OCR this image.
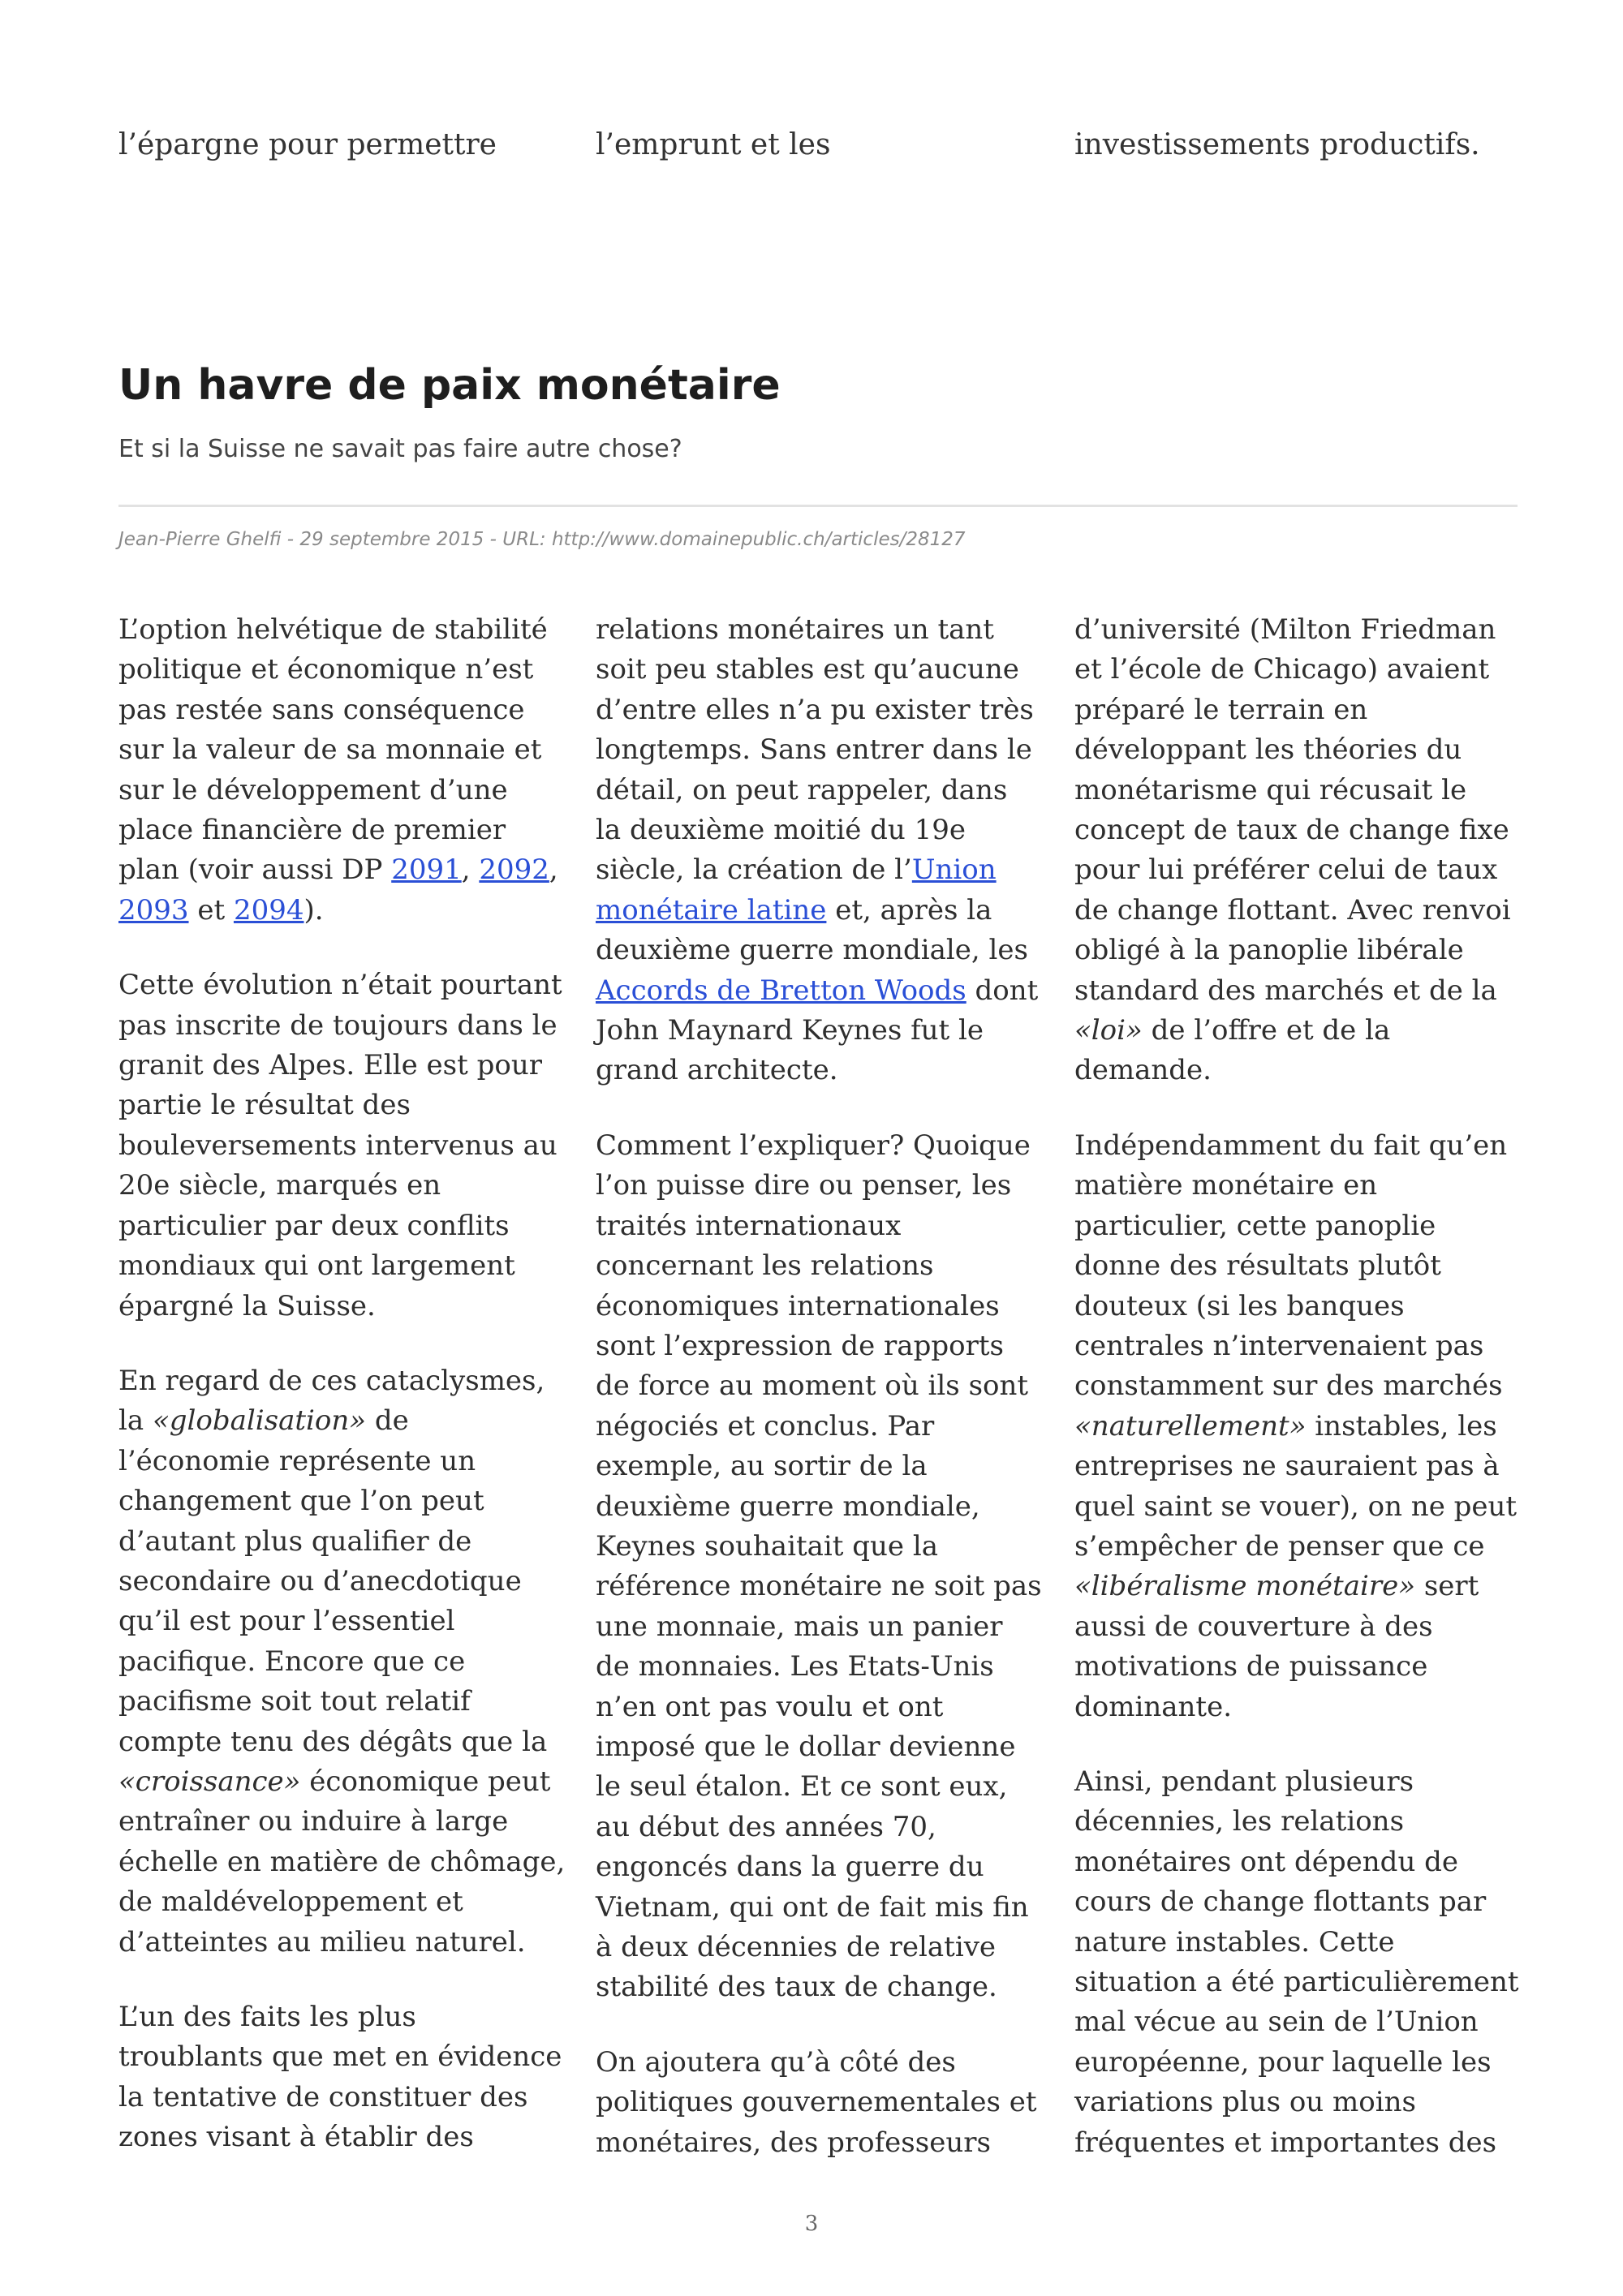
l’épargne pour permettre	l’emprunt et les	investissements productifs.
Un havre de paix monétaire
Et si la Suisse ne savait pas faire autre chose?
Jean-Pierre Ghelfi - 29 septembre 2015 - URL: http://www.domainepublic.ch/articles/28127

L’option helvétique de stabilité
politique et économique n’est
pas restée sans conséquence
sur la valeur de sa monnaie et
sur le développement d’une
place financière de premier
plan (voir aussi DP 2091, 2092,
2093 et 2094).

Cette évolution n’était pourtant
pas inscrite de toujours dans le
granit des Alpes. Elle est pour
partie le résultat des
bouleversements intervenus au
20e siècle, marqués en
particulier par deux conflits
mondiaux qui ont largement
épargné la Suisse.

En regard de ces cataclysmes,
la «globalisation» de
l’économie représente un
changement que l’on peut
d’autant plus qualifier de
secondaire ou d’anecdotique
qu’il est pour l’essentiel
pacifique. Encore que ce
pacifisme soit tout relatif
compte tenu des dégâts que la
«croissance» économique peut
entraîner ou induire à large
échelle en matière de chômage,
de maldéveloppement et
d’atteintes au milieu naturel.

L’un des faits les plus
troublants que met en évidence
la tentative de constituer des
zones visant à établir des

relations monétaires un tant
soit peu stables est qu’aucune
d’entre elles n’a pu exister très
longtemps. Sans entrer dans le
détail, on peut rappeler, dans
la deuxième moitié du 19e
siècle, la création de l’Union
monétaire latine et, après la
deuxième guerre mondiale, les
Accords de Bretton Woods dont
John Maynard Keynes fut le
grand architecte.

Comment l’expliquer? Quoique
l’on puisse dire ou penser, les
traités internationaux
concernant les relations
économiques internationales
sont l’expression de rapports
de force au moment où ils sont
négociés et conclus. Par
exemple, au sortir de la
deuxième guerre mondiale,
Keynes souhaitait que la
référence monétaire ne soit pas
une monnaie, mais un panier
de monnaies. Les Etats-Unis
n’en ont pas voulu et ont
imposé que le dollar devienne
le seul étalon. Et ce sont eux,
au début des années 70,
engoncés dans la guerre du
Vietnam, qui ont de fait mis fin
à deux décennies de relative
stabilité des taux de change.

On ajoutera qu’à côté des
politiques gouvernementales et
monétaires, des professeurs

d’université (Milton Friedman
et l’école de Chicago) avaient
préparé le terrain en
développant les théories du
monétarisme qui récusait le
concept de taux de change fixe
pour lui préférer celui de taux
de change flottant. Avec renvoi
obligé à la panoplie libérale
standard des marchés et de la
«loi» de l’offre et de la
demande.

Indépendamment du fait qu’en
matière monétaire en
particulier, cette panoplie
donne des résultats plutôt
douteux (si les banques
centrales n’intervenaient pas
constamment sur des marchés
«naturellement» instables, les
entreprises ne sauraient pas à
quel saint se vouer), on ne peut
s’empêcher de penser que ce
«libéralisme monétaire» sert
aussi de couverture à des
motivations de puissance
dominante.

Ainsi, pendant plusieurs
décennies, les relations
monétaires ont dépendu de
cours de change flottants par
nature instables. Cette
situation a été particulièrement
mal vécue au sein de l’Union
européenne, pour laquelle les
variations plus ou moins
fréquentes et importantes des

3
